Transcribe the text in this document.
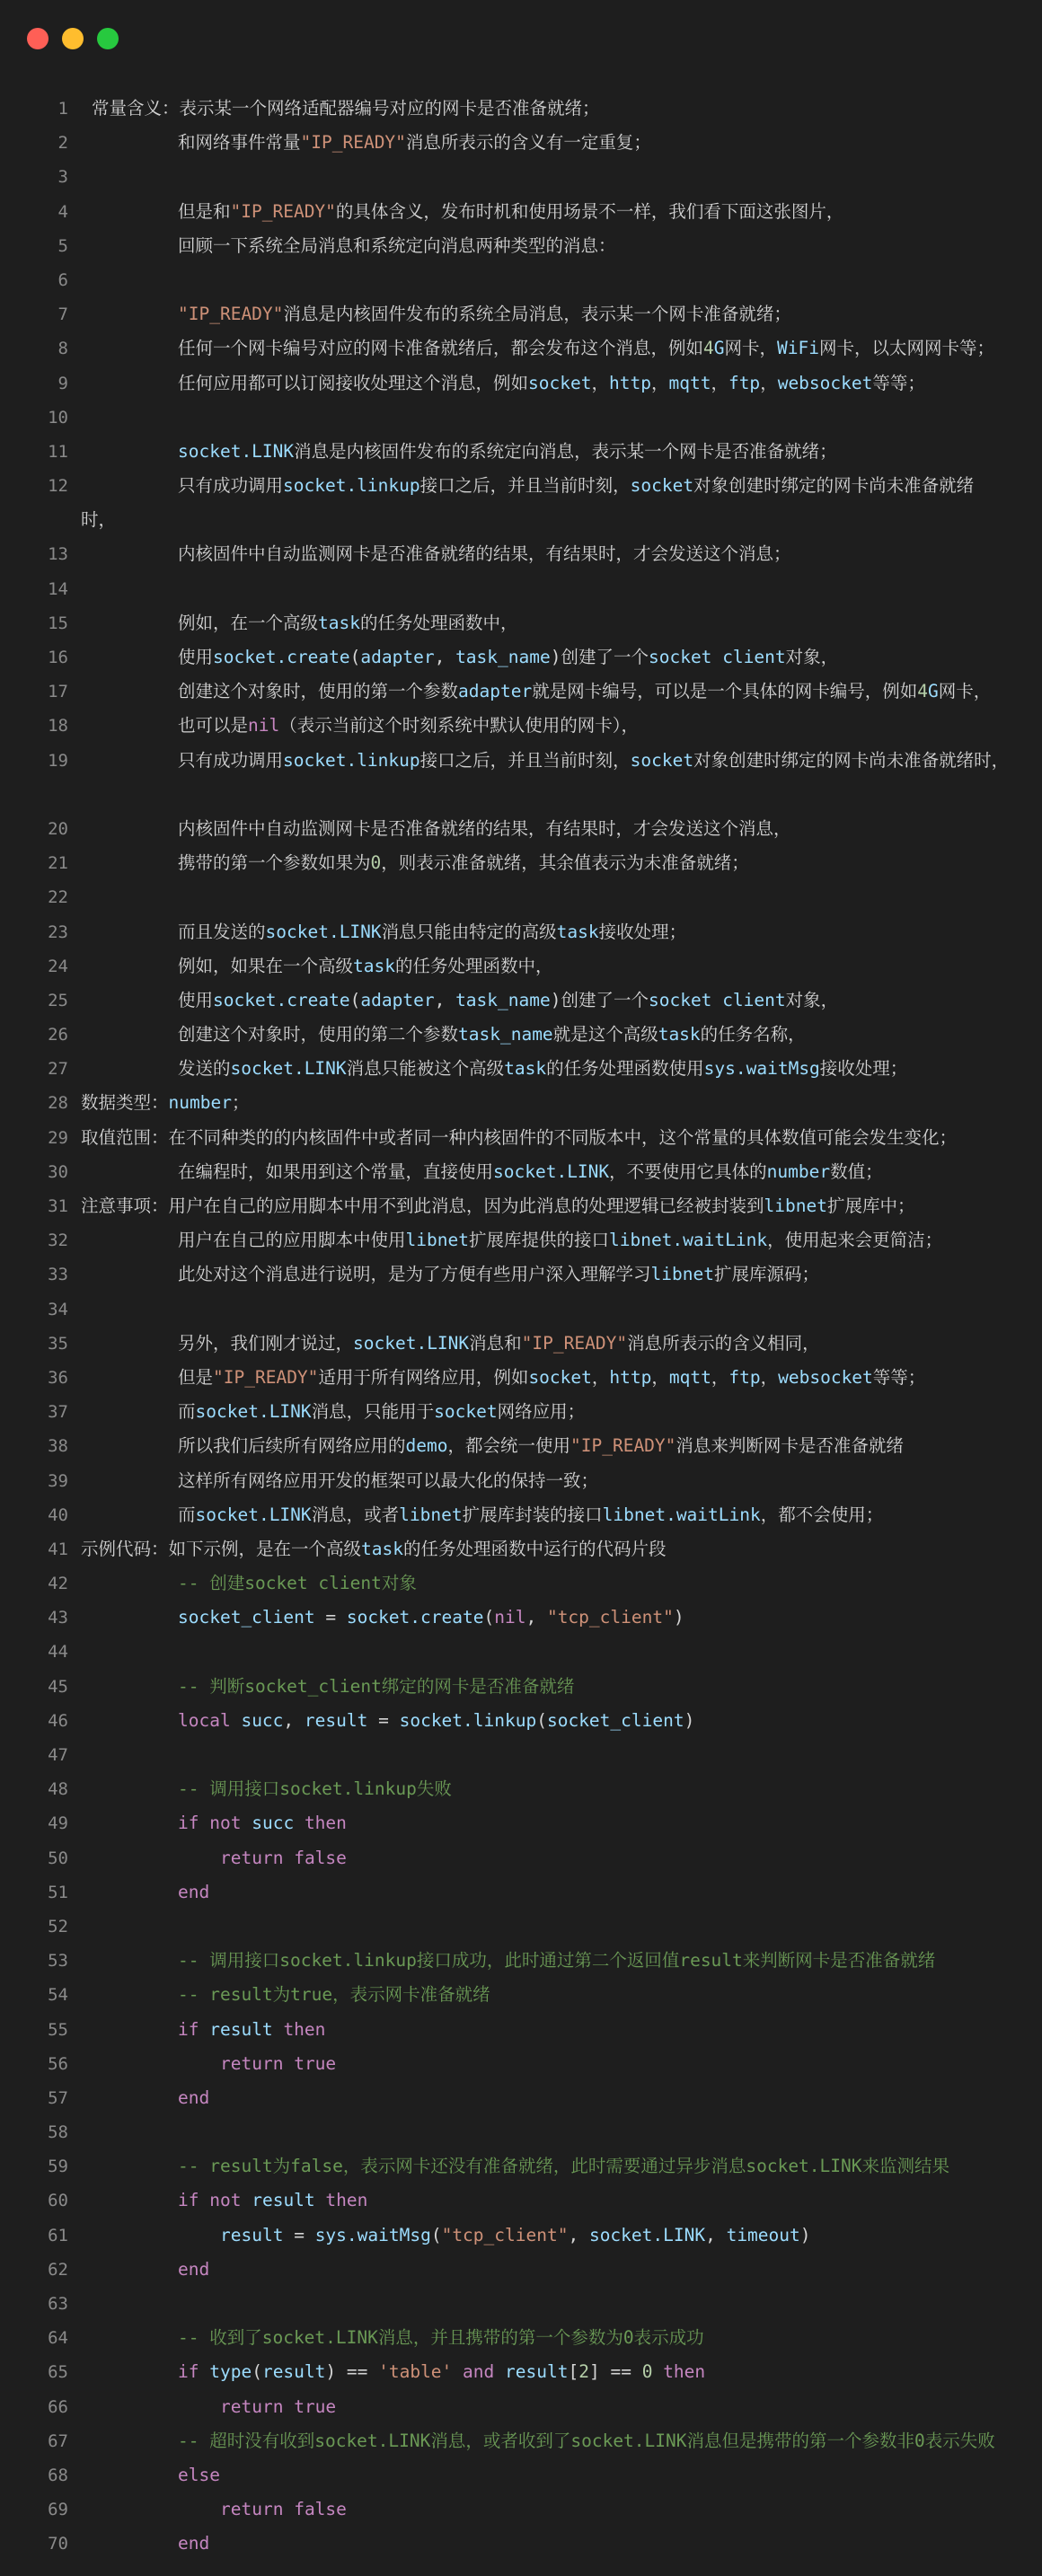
1 常量含义：表示某一个网络适配器编号对应的网卡是否准备就绪；
2	和网络事件常量"IP_READY"消息所表示的含义有一定重复；
3
4	但是和"IP_READY"的具体含义，发布时机和使用场景不一样，我们看下面这张图片，
5	回顾一下系统全局消息和系统定向消息两种类型的消息：
6
7	"IP_READY"消息是内核固件发布的系统全局消息，表示某一个网卡准备就绪；
8	任何一个网卡编号对应的网卡准备就绪后，都会发布这个消息，例如4G网卡，WiFi网卡，以太网网卡等；
9	任何应用都可以订阅接收处理这个消息，例如socket，http，mqtt，ftp，websocket等等；
10
11	socket.LINK消息是内核固件发布的系统定向消息，表示某一个网卡是否准备就绪；
12	只有成功调用socket.linkup接口之后，并且当前时刻，socket对象创建时绑定的网卡尚未准备就绪
时，
13	内核固件中自动监测网卡是否准备就绪的结果，有结果时，才会发送这个消息；
14
15	例如，在一个高级task的任务处理函数中，
16	使用socket.create(adapter, task_name)创建了一个socket client对象，
17	创建这个对象时，使用的第一个参数adapter就是网卡编号，可以是一个具体的网卡编号，例如4G网卡，
18	也可以是nil（表示当前这个时刻系统中默认使用的网卡），
19	只有成功调用socket.linkup接口之后，并且当前时刻，socket对象创建时绑定的网卡尚未准备就绪时，
20	内核固件中自动监测网卡是否准备就绪的结果，有结果时，才会发送这个消息，
21	携带的第一个参数如果为0，则表示准备就绪，其余值表示为未准备就绪；
22
23	而且发送的socket.LINK消息只能由特定的高级task接收处理；
24	例如，如果在一个高级task的任务处理函数中，
25	使用socket.create(adapter, task_name)创建了一个socket client对象，
26	创建这个对象时，使用的第二个参数task_name就是这个高级task的任务名称，
27	发送的socket.LINK消息只能被这个高级task的任务处理函数使用sys.waitMsg接收处理；
28 数据类型：number；
29 取值范围：在不同种类的的内核固件中或者同一种内核固件的不同版本中，这个常量的具体数值可能会发生变化；
30	在编程时，如果用到这个常量，直接使用socket.LINK，不要使用它具体的number数值；
31 注意事项：用户在自己的应用脚本中用不到此消息，因为此消息的处理逻辑已经被封装到libnet扩展库中；
32	用户在自己的应用脚本中使用libnet扩展库提供的接口libnet.waitLink，使用起来会更简洁；
33	此处对这个消息进行说明，是为了方便有些用户深入理解学习libnet扩展库源码；
34
35	另外，我们刚才说过，socket.LINK消息和"IP_READY"消息所表示的含义相同，
36	但是"IP_READY"适用于所有网络应用，例如socket，http，mqtt，ftp，websocket等等；
37	而socket.LINK消息，只能用于socket网络应用；
38	所以我们后续所有网络应用的demo，都会统一使用"IP_READY"消息来判断网卡是否准备就绪
39	这样所有网络应用开发的框架可以最大化的保持一致；
40	而socket.LINK消息，或者libnet扩展库封装的接口libnet.waitLink，都不会使用；
41 示例代码：如下示例，是在一个高级task的任务处理函数中运行的代码片段
42	-- 创建socket client对象
43	socket_client = socket.create(nil, "tcp_client")
44
45	-- 判断socket_client绑定的网卡是否准备就绪
46	local succ, result = socket.linkup(socket_client)
47
48	-- 调用接口socket.linkup失败
49	if not succ then
50	return false
51	end
52
53	-- 调用接口socket.linkup接口成功，此时通过第二个返回值result来判断网卡是否准备就绪
54	-- result为true，表示网卡准备就绪
55	if result then
56	return true
57	end
58
59	-- result为false，表示网卡还没有准备就绪，此时需要通过异步消息socket.LINK来监测结果
60	if not result then
61	result = sys.waitMsg("tcp_client", socket.LINK, timeout)
62	end
63
64	-- 收到了socket.LINK消息，并且携带的第一个参数为0表示成功
65	if type(result) == 'table' and result[2] == 0 then
66	return true
67	-- 超时没有收到socket.LINK消息，或者收到了socket.LINK消息但是携带的第一个参数非0表示失败
68	else
69	return false
70	end
